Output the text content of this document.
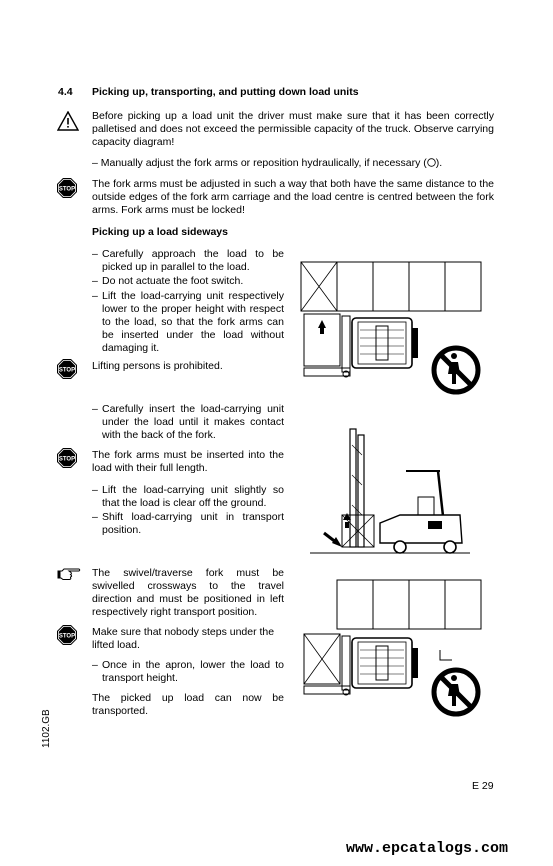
4.4 Picking up, transporting, and putting down load units
Before picking up a load unit the driver must make sure that it has been correctly palletised and does not exceed the permissible capacity of the truck. Observe carrying capacity diagram!
– Manually adjust the fork arms or reposition hydraulically, if necessary ( ).
STOP The fork arms must be adjusted in such a way that both have the same distance to the outside edges of the fork arm carriage and the load centre is centred between the fork arms. Fork arms must be locked!
Picking up a load sideways
– Carefully approach the load to be picked up in parallel to the load.
– Do not actuate the foot switch.
– Lift the load-carrying unit respectively lower to the proper height with respect to the load, so that the fork arms can be inserted under the load without damaging it.
STOP Lifting persons is prohibited.
– Carefully insert the load-carrying unit under the load until it makes contact with the back of the fork.
STOP The fork arms must be inserted into the load with their full length.
– Lift the load-carrying unit slightly so that the load is clear off the ground.
– Shift load-carrying unit in transport position.
The swivel/traverse fork must be swivelled crossways to the travel direction and must be positioned in left respectively right transport position.
STOP Make sure that nobody steps under the lifted load.
– Once in the apron, lower the load to transport height.
The picked up load can now be transported.
1102.GB
E 29
www.epcatalogs.com
